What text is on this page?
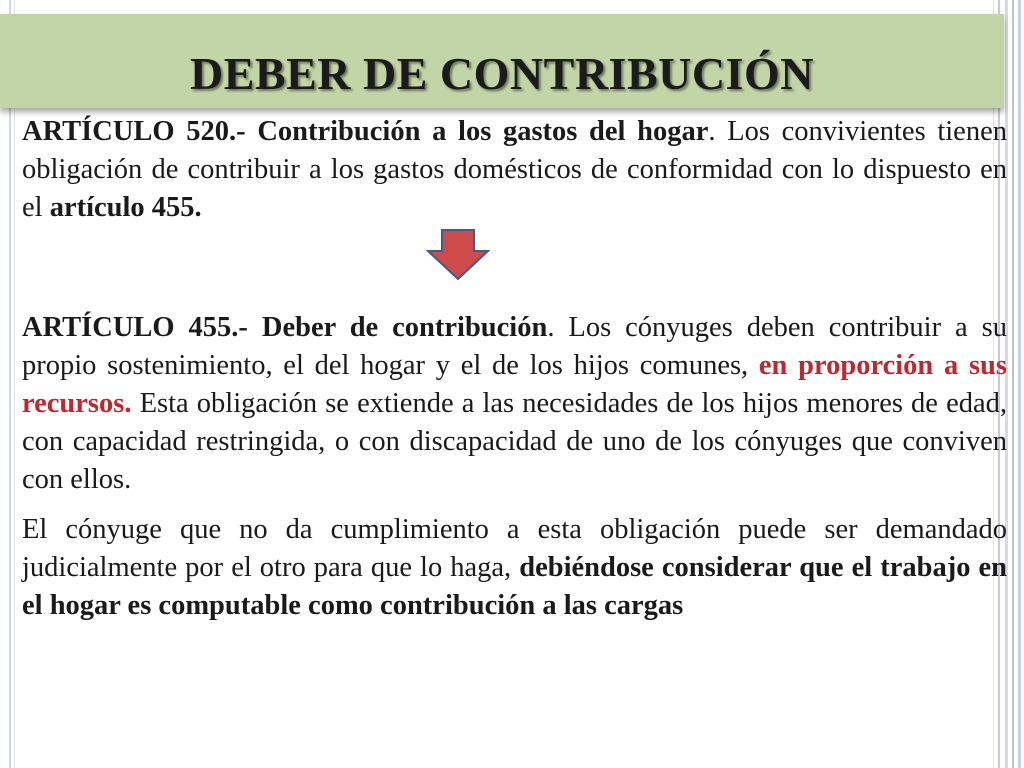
DEBER DE CONTRIBUCIÓN

ARTÍCULO 520.- Contribución a los gastos del hogar. Los convivientes tienen obligación de contribuir a los gastos domésticos de conformidad con lo dispuesto en el artículo 455.

ARTÍCULO 455.- Deber de contribución. Los cónyuges deben contribuir a su propio sostenimiento, el del hogar y el de los hijos comunes, en proporción a sus recursos. Esta obligación se extiende a las necesidades de los hijos menores de edad, con capacidad restringida, o con discapacidad de uno de los cónyuges que conviven con ellos.

El cónyuge que no da cumplimiento a esta obligación puede ser demandado judicialmente por el otro para que lo haga, debiéndose considerar que el trabajo en el hogar es computable como contribución a las cargas
